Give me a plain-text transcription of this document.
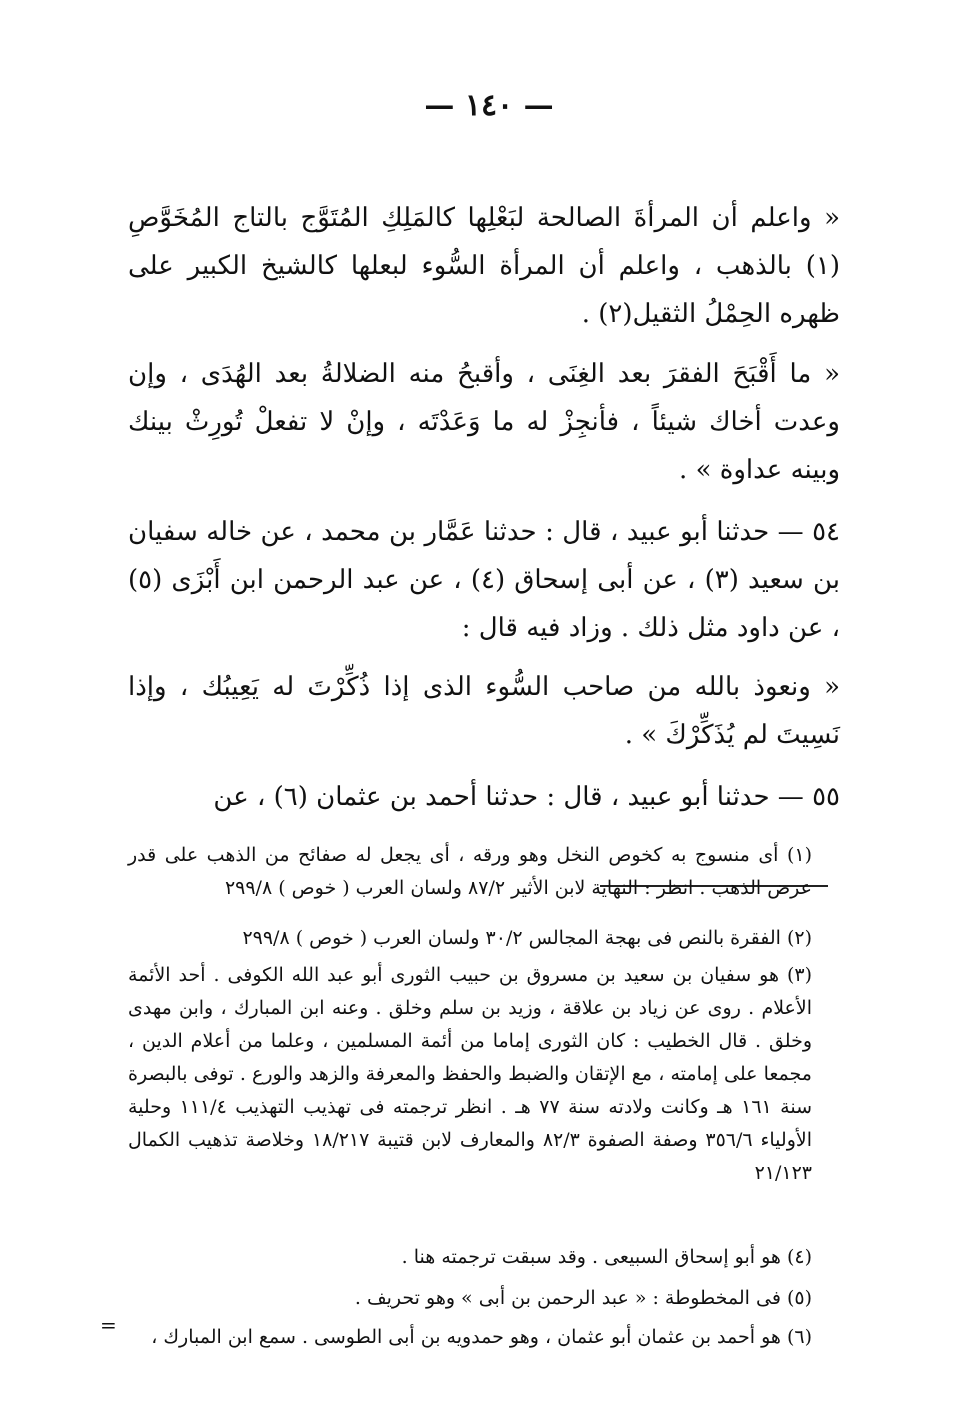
— ١٤٠ —

« واعلم أن المرأةَ الصالحة لبَعْلِها كالمَلِكِ المُتَوَّج بالتاج المُخَوَّصِ (١) بالذهب ، واعلم أن المرأة السُّوء لبعلها كالشيخ الكبير على ظهره الحِمْلُ الثقيل(٢) .

« ما أَقْبَحَ الفقرَ بعد الغِنَى ، وأقبحُ منه الضلالةُ بعد الهُدَى ، وإن وعدت أخاك شيئاً ، فأنجِزْ له ما وَعَدْتَه ، وإنْ لا تفعلْ تُورِثْ بينك وبينه عداوة » .

٥٤ — حدثنا أبو عبيد ، قال : حدثنا عَمَّار بن محمد ، عن خاله سفيان بن سعيد (٣) ، عن أبى إسحاق (٤) ، عن عبد الرحمن ابن أَبْزَى (٥) ، عن داود مثل ذلك . وزاد فيه قال :

« ونعوذ بالله من صاحب السُّوء الذى إذا ذُكِّرْتَ له يَعِيبُك ، وإذا نَسِيتَ لم يُذَكِّرْكَ » .

٥٥ — حدثنا أبو عبيد ، قال : حدثنا أحمد بن عثمان (٦) ، عن

(١) أى منسوج به كخوص النخل وهو ورقه ، أى يجعل له صفائح من الذهب على قدر عرض الذهب . انظر : النهاية لابن الأثير ٨٧/٢ ولسان العرب ( خوص ) ٢٩٩/٨

(٢) الفقرة بالنص فى بهجة المجالس ٣٠/٢ ولسان العرب ( خوص ) ٢٩٩/٨

(٣) هو سفيان بن سعيد بن مسروق بن حبيب الثورى أبو عبد الله الكوفى . أحد الأئمة الأعلام . روى عن زياد بن علاقة ، وزيد بن سلم وخلق . وعنه ابن المبارك ، وابن مهدى وخلق . قال الخطيب : كان الثورى إماما من أئمة المسلمين ، وعلما من أعلام الدين ، مجمعا على إمامته ، مع الإتقان والضبط والحفظ والمعرفة والزهد والورع . توفى بالبصرة سنة ١٦١ هـ وكانت ولادته سنة ٧٧ هـ . انظر ترجمته فى تهذيب التهذيب ١١١/٤ وحلية الأولياء ٣٥٦/٦ وصفة الصفوة ٨٢/٣ والمعارف لابن قتيبة ١٨/٢١٧ وخلاصة تذهيب الكمال ٢١/١٢٣

(٤) هو أبو إسحاق السبيعى . وقد سبقت ترجمته هنا .

(٥) فى المخطوطة : « عبد الرحمن بن أبى » وهو تحريف .

(٦) هو أحمد بن عثمان أبو عثمان ، وهو حمدويه بن أبى الطوسى . سمع ابن المبارك ،

=
